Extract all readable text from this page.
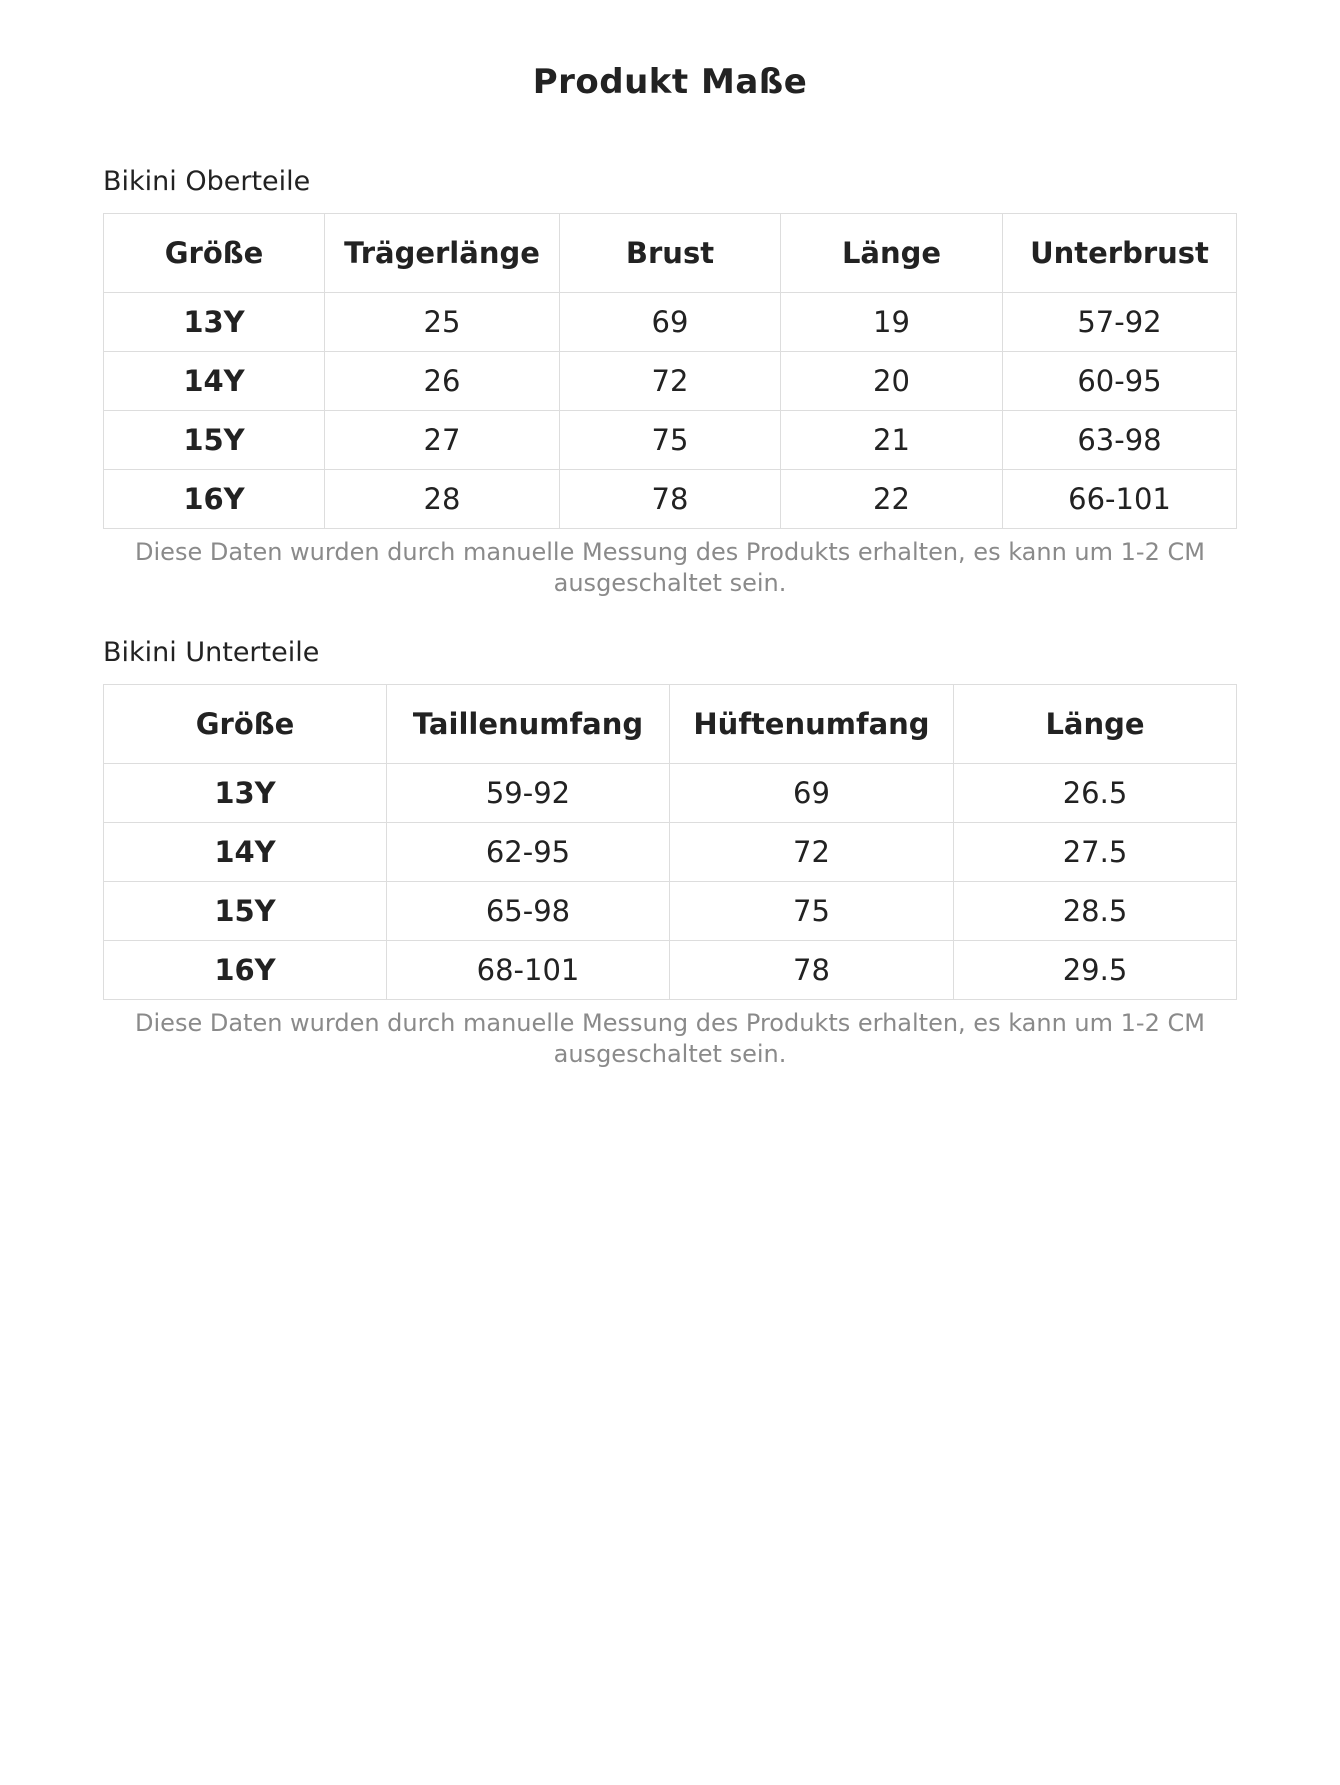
Produkt Maße
Bikini Oberteile
Größe	Trägerlänge	Brust	Länge	Unterbrust
13Y	25	69	19	57-92
14Y	26	72	20	60-95
15Y	27	75	21	63-98
16Y	28	78	22	66-101
Diese Daten wurden durch manuelle Messung des Produkts erhalten, es kann um 1-2 CM ausgeschaltet sein.
Bikini Unterteile
Größe	Taillenumfang	Hüftenumfang	Länge
13Y	59-92	69	26.5
14Y	62-95	72	27.5
15Y	65-98	75	28.5
16Y	68-101	78	29.5
Diese Daten wurden durch manuelle Messung des Produkts erhalten, es kann um 1-2 CM ausgeschaltet sein.
